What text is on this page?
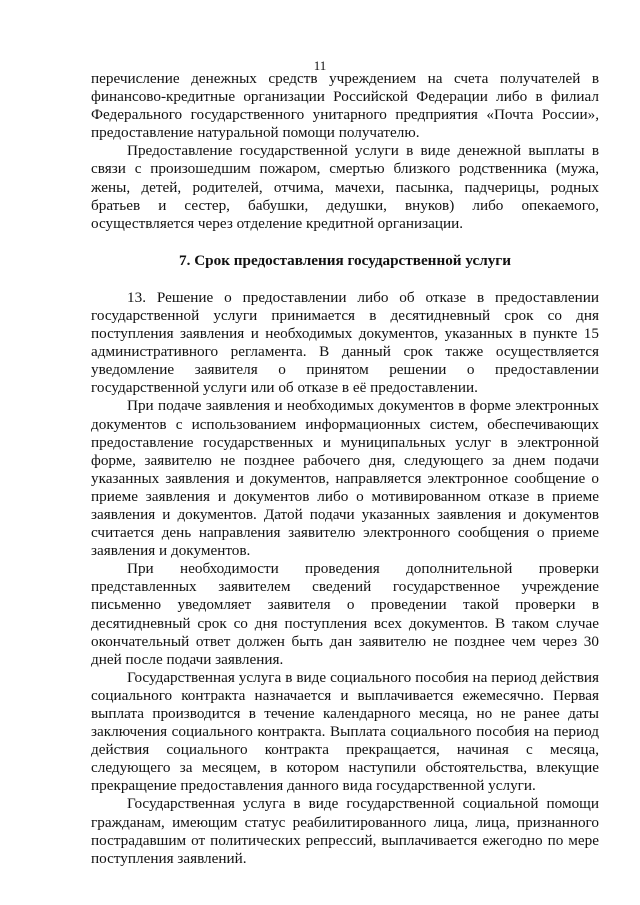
11

перечисление денежных средств учреждением на счета получателей в финансово-кредитные организации Российской Федерации либо в филиал Федерального государственного унитарного предприятия «Почта России», предоставление натуральной помощи получателю.

Предоставление государственной услуги в виде денежной выплаты в связи с произошедшим пожаром, смертью близкого родственника (мужа, жены, детей, родителей, отчима, мачехи, пасынка, падчерицы, родных братьев и сестер, бабушки, дедушки, внуков) либо опекаемого, осуществляется через отделение кредитной организации.

7. Срок предоставления государственной услуги

13. Решение о предоставлении либо об отказе в предоставлении государственной услуги принимается в десятидневный срок со дня поступления заявления и необходимых документов, указанных в пункте 15 административного регламента. В данный срок также осуществляется уведомление заявителя о принятом решении о предоставлении государственной услуги или об отказе в её предоставлении.

При подаче заявления и необходимых документов в форме электронных документов с использованием информационных систем, обеспечивающих предоставление государственных и муниципальных услуг в электронной форме, заявителю не позднее рабочего дня, следующего за днем подачи указанных заявления и документов, направляется электронное сообщение о приеме заявления и документов либо о мотивированном отказе в приеме заявления и документов. Датой подачи указанных заявления и документов считается день направления заявителю электронного сообщения о приеме заявления и документов.

При необходимости проведения дополнительной проверки представленных заявителем сведений государственное учреждение письменно уведомляет заявителя о проведении такой проверки в десятидневный срок со дня поступления всех документов. В таком случае окончательный ответ должен быть дан заявителю не позднее чем через 30 дней после подачи заявления.

Государственная услуга в виде социального пособия на период действия социального контракта назначается и выплачивается ежемесячно. Первая выплата производится в течение календарного месяца, но не ранее даты заключения социального контракта. Выплата социального пособия на период действия социального контракта прекращается, начиная с месяца, следующего за месяцем, в котором наступили обстоятельства, влекущие прекращение предоставления данного вида государственной услуги.

Государственная услуга в виде государственной социальной помощи гражданам, имеющим статус реабилитированного лица, лица, признанного пострадавшим от политических репрессий, выплачивается ежегодно по мере поступления заявлений.
